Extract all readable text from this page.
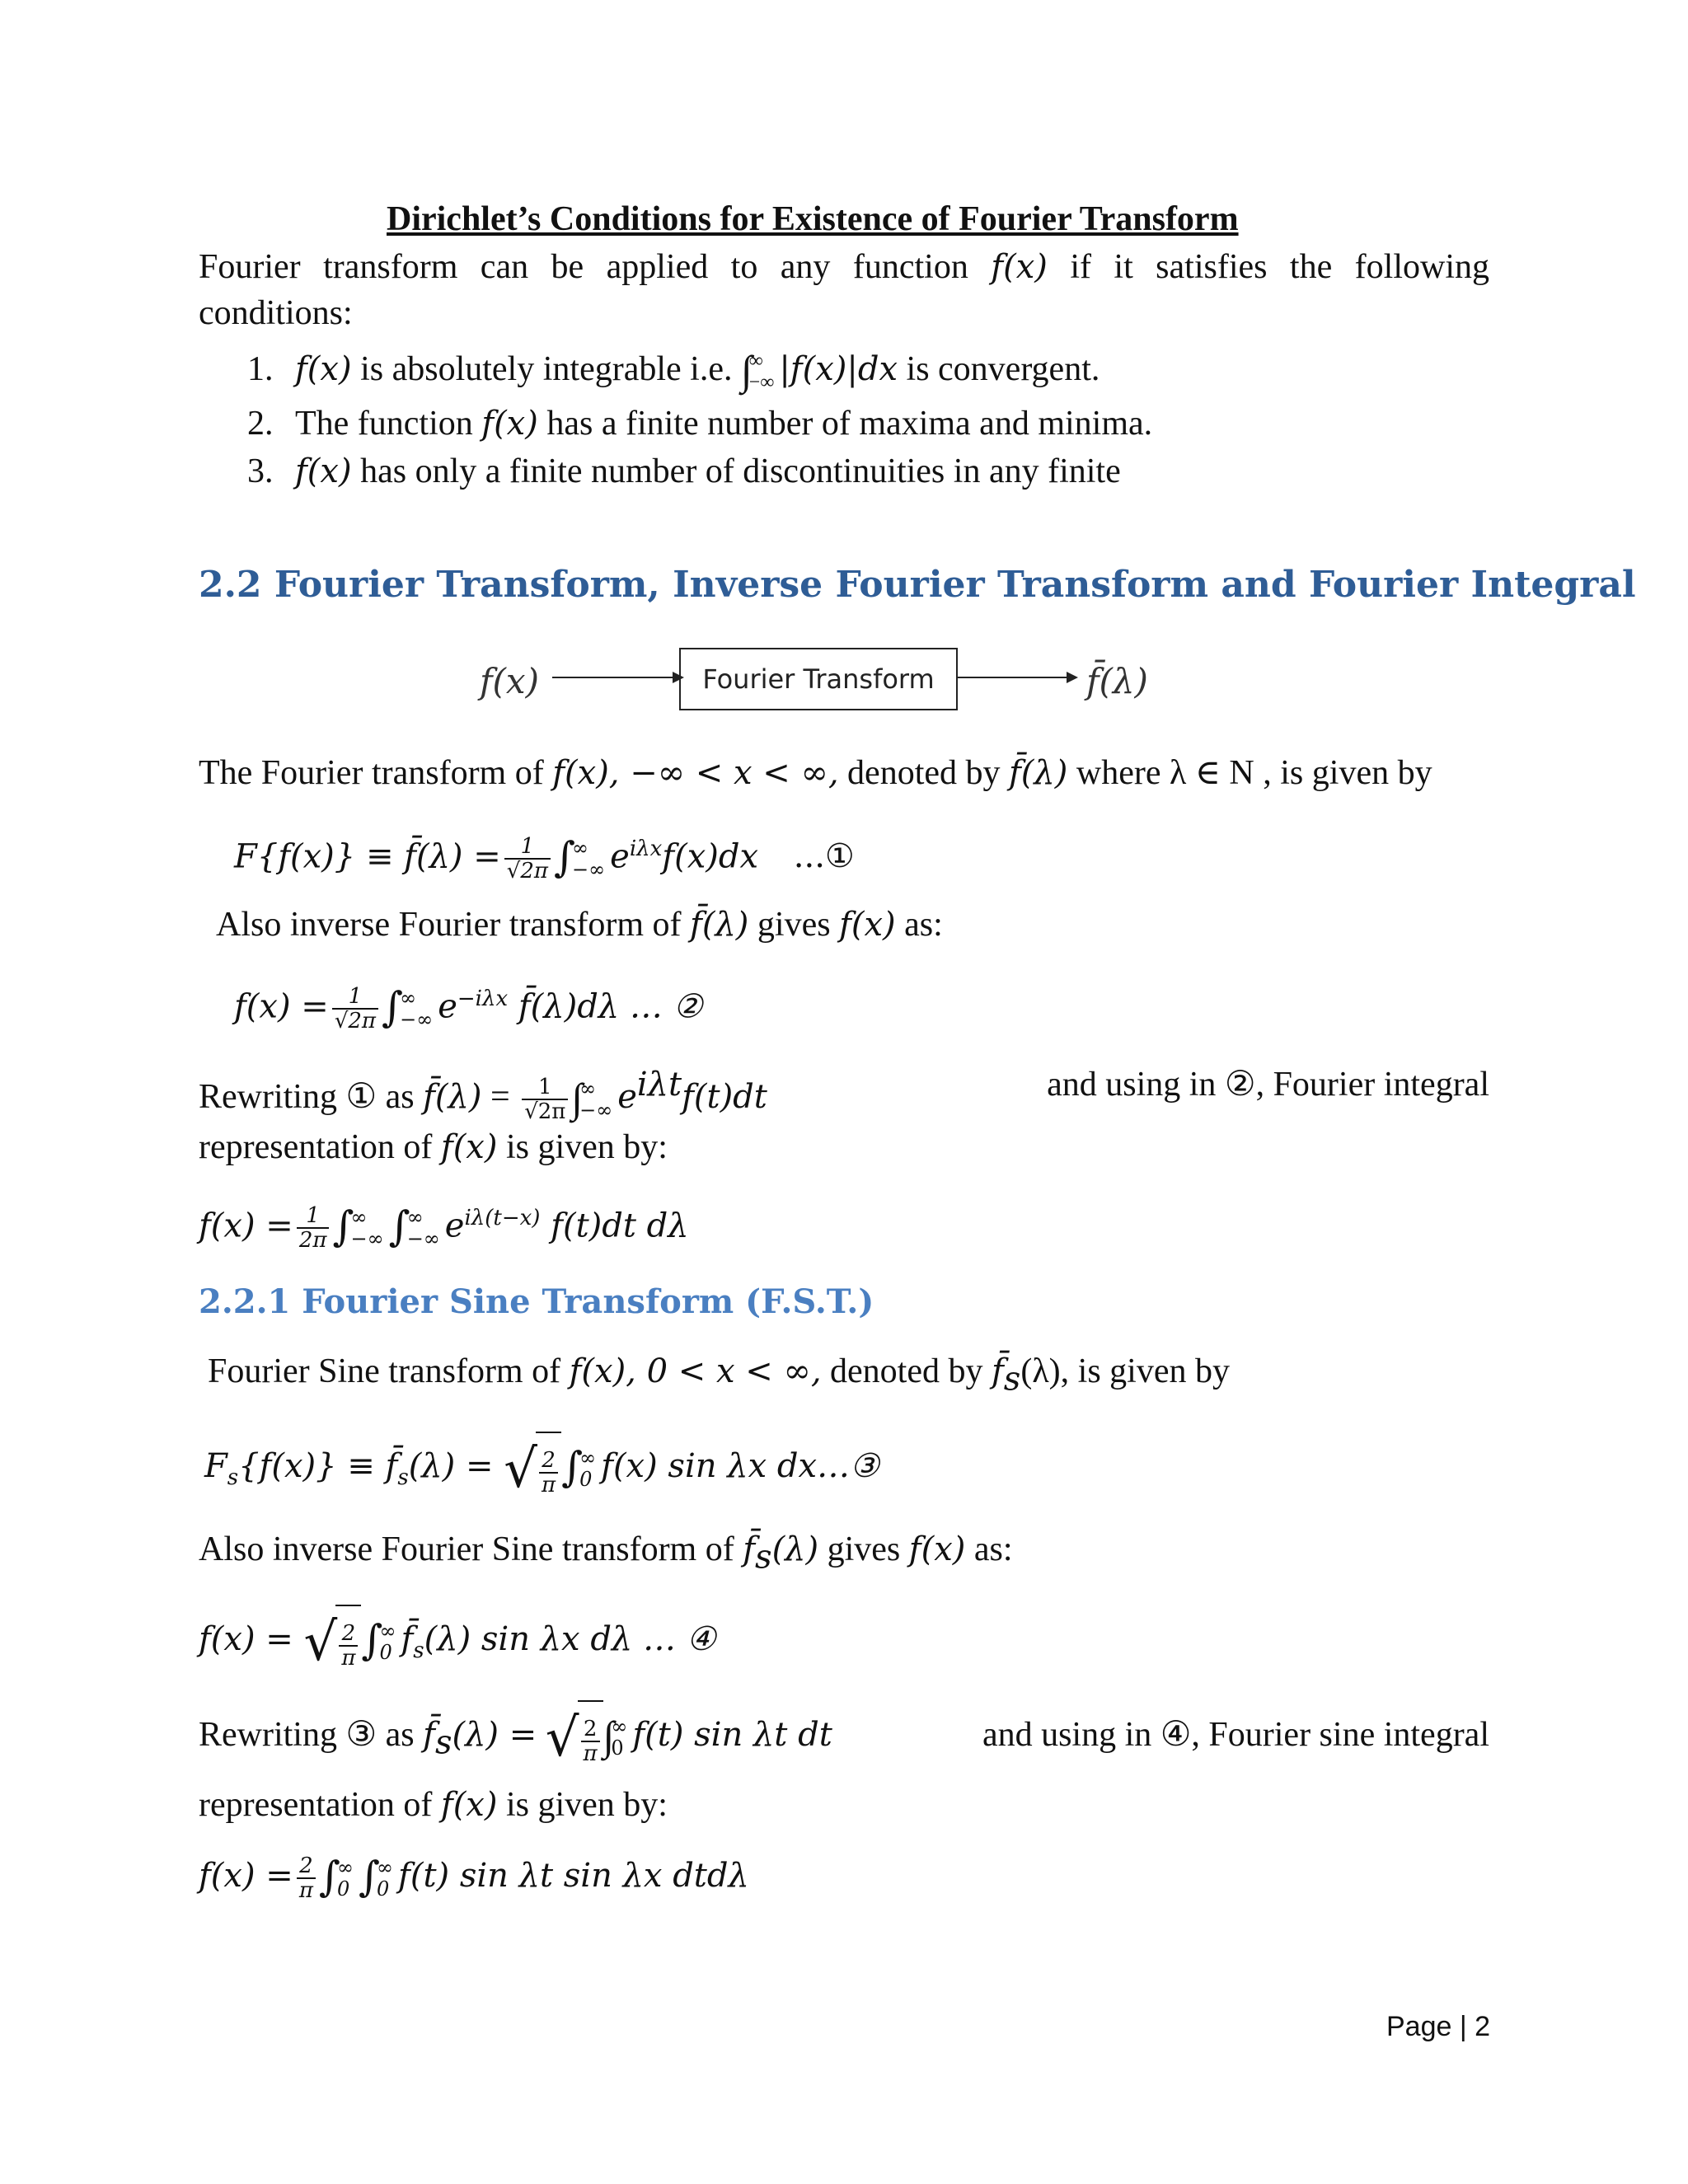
Dirichlet’s Conditions for Existence of Fourier Transform
Fourier transform can be applied to any function f(x) if it satisfies the following
conditions:
1. f(x) is absolutely integrable i.e. ∫
∞
−∞ |f(x)|dx is convergent.
2. The function f(x) has a finite number of maxima and minima.
3. f(x) has only a finite number of discontinuities in any finite
2.2 Fourier Transform, Inverse Fourier Transform and Fourier Integral
f(x)	Fourier Transform	f̄(λ)
The Fourier transform of f(x), −∞ < x < ∞, denoted by f̄(λ) where λ ∈ N , is given by
F{f(x)} ≡ f̄(λ) = $\frac{1}{√2\pi}$ ∫
∞
−∞ $e^{i\lambda x}f(x)dx$ ...①
Also inverse Fourier transform of f̄(λ) gives f(x) as:
$f(x) = \frac{1}{√2\pi}$ ∫
∞
−∞ $e^{-i\lambda x}$ f̄(λ)dλ … ②
Rewriting ① as f̄(λ) = $\frac{1}{√2\pi}$ ∫
∞
−∞ $e^{i\lambda t}f(t)dt$	and using in ②, Fourier integral
representation of f(x) is given by:
$f(x) = \frac{1}{2\pi}$ ∫
∞
−∞ ∫
∞
−∞ $e^{i\lambda(t-x)}$ f(t)dt dλ
2.2.1 Fourier Sine Transform (F.S.T.)
Fourier Sine transform of f(x), 0 < x < ∞, denoted by $f̄_s(\lambda)$, is given by
$F_s\{f(x)\}$ ≡ $f̄_s(\lambda)$ = √ $\frac{2}{\pi}$ ∫
∞
0 f(x) sin λx dx…③
Also inverse Fourier Sine transform of $f̄_s(\lambda)$ gives f(x) as:
f(x) = √ $\frac{2}{\pi}$ ∫
∞
0 $f̄_s(\lambda)$ sin λx dλ … ④
Rewriting ③ as $f̄_s(\lambda)$ = √ $\frac{2}{\pi}$ ∫
∞
0 f(t) sin λt dt	and using in ④, Fourier sine integral
representation of f(x) is given by:
$f(x) = \frac{2}{\pi}$ ∫
∞
0 ∫
∞
0 f(t) sin λt sin λx dtdλ
Page | 2
